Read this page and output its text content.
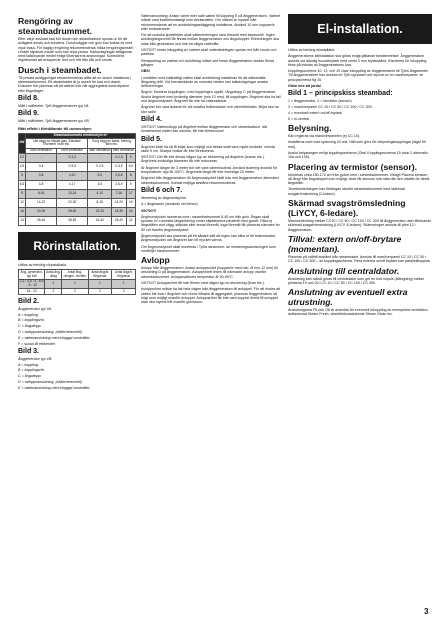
Rengöring av steambadrummet.

Efter varje avslutat bad bör dusch och steambadrum spolas ur för att avlägsna smuts och kondens. Duschväggar och golv kan torkas av med mjuk trasa. För daglig rengöring rekommenderas milda rengöringsmedel. Undvik slipande medel som kan repa ytorna. Kalkavlagringar avlägsnas med kalklösande medel enligt tillverkarens anvisningar. Kontrollera regelbundet att avloppet är rent och fritt från hår och smuts.

Dusch i steambadet.

Till privata anläggningar rekommenderas alltid att en dusch installeras i steambadrummet. Ett steambadet är ju avsett för bad och dusch. Duschen bör placeras så att vattnet inte når aggregatets kontrollpanel eller ånguttaget.

Bild 8.

Mått i millimeter, Tylö ånggeneratorer typ VA.

Bild 9.

Mått i millimeter, Tylö ånggeneratorer typ VB.

Rätt effekt i förhållande till rumsvolym:

kW	Steambadrummets minimivolym m³				
	Lätt vägg av härdat glas, Elastiskt Eventerit i rum etc.		Tung vägg av kakel, betong, sten etc.		
	utan ventilation	med ventilation	utan ventilation	med ventilation	
2,2	-	0-1,3	-	0-1,3	0
4,5	0-4	0-5,5	0-2,5	0-3,5	5,5
5	3-8	4-10	2-5	2,5-8	8
6,6	3-8	4-17	3-6	2,5-9	9
9	6-16	13-24	4-10	7-16	17
12	14-22	22-30	8-15	14-20	15
16	20-30	28-40	13-25	18-30	24
24	28-40	38-52	16-30	28-40	32
Rörinstallation.

Utförs av behörig rörinstallatör.

Ång- generator- typ kW	Antal ång- uttag	Antal ång- utlopps- ventiler	Antal ångrör förgrenat	Antal ångrör förgrenat
2,2 - 4,5 - 6 - 6,6 - 9 - 12	1	1	1	1
16 - 24	2	2	2	2
Bild 2.

Ånggenerator typ VA.

A = koppling.

B = kopplingsrör.

C = ångutlopp.

D = avloppsanslutning. (säkerhetsventil)

E = vattenanslutning med inbyggd smutsfilter.

F = sucka till elektroder.

Bild 3.

Ånggenerator typ VB.

A = koppling.

B = kopplingsrör.

C = ångutlopp.

D = avloppsanslutning. (säkerhetsventil)

E = vattenanslutning med inbyggd smutsfilter.

Vattenanslutning: Anslut varmt eller kallt vatten till koppling E på ånggeneratorn. Vattnet måste vara kvalitetsmässigt som dricksvatten. Om vattnet är mycket hårt rekommenderas att en avhärdningsanläggning installeras. Använd 10 mm kopparrör eller motsvarande.

För att undvika ljudeffekter skall vattenledningen vara försedd med backventil. Ingen avstängningsventil får finnas mellan ånggeneratorn och ångutloppet. Rörledningen ska lutas från generatorn och inte ha några vattenlås.

VIKTIGT! Innan inkoppling av vattnet skall vattenledningen spolas ren från smuts och partiklar.

Renspolning av vattnet och avluftning måste ske innan ånggeneratorn startas första gången.

OBS!

I områden med kalkhaltigt vatten skall avhärdning installeras för att säkerställa långvarig drift. Vid överskridande av normala värden kan kalkavlagringar orsaka driftstörningar.

Ångrör: Montera kopplingen, med kopplingen uppåt, i ångutlopp C på ånggeneratorn. Anslut ångröret med invändig diameter (min 12 mm), till kopplingen. Ångröret ska ha fall mot ångmunstycket. Ångröret får inte ha vattensäckar.

Ångröret bör vara isolerat för att undvika brännskador och värmeförluster. Böjar ska ha stor radie.

Bild 4.

VIKTIGT! Vattenutlopp på ångröret mellan ånggenerator och steambadrum, där kondenserat vatten kan samlas, får inte förekomma!

Bild 5.

Ångröret skall ha så få böjar som möjligt och dessa skall vara mjukt rundade, minsta radie 5 cm. Skarpa vinklar får inte förekomma.

VIKTIGT! Det får inte finnas någon typ av blockering på ångröret (kranar etc.). Ångrörets invändiga diameter får inte reduceras.

Är ångröret längre än 3 meter bör det vara värmeisolerat. Använd isolering avsedd för temperaturer upp till 100°C. Ångrörets längd får inte överstiga 15 meter.

Ångröret från ånggeneratorn till ångmunstycket skall luta mot ånggeneratorn alternativt steambadrummet. Kortast möjliga avstånd rekommenderas.

Bild 6 och 7.

Montering av ångmunstycke.

A = ångkranen (används vid behov).

VIKTIGT!

Ångmunstycket monteras inne i steambadrummet 5-40 cm från golv. Ångan skall sprutas in i rummets längdriktning under sittplatserna parallellt med golvet. Rikta ej ångstrålen mot vägg, sittplats eller annat föremål. Inga föremål får placeras närmare än 50 cm framför ångmunstycket.

Ångmunstycket ska placeras på ett sådant sätt att ingen kan råka ut för brännskador. Ångmunstycket och ångröret kan bli mycket varma.

Om ångmunstycket skall monteras i Tylös steamrum, se monteringsanvisningen som medföljer steamrummet.

Avlopp

Avlopp från ånggeneratorn: Anslut avloppsröret (kopparrör med min. Ø mm 12 mm) till anslutning D på ånggeneratorn. Avloppsröret ledes till närmaste avlopp utanför steambadrummet. Avloppsvattnets temperatur är 90-95°C.

VIKTIGT! Avloppsröret får inte förses med någon typ av blockering (kran etc.).

Avloppsröret måste ha fall hela vägen från ånggeneratorn till avloppet. För att hindra att vatten blir kvar i ångröret och rinner tillbaka till aggregatet, placeras ånggeneratorn så högt som möjligt ovanför avloppet. Avloppsröret får inte vara kopplat direkt till avloppet utan ska mynna fritt ovanför golvbrunn.

El-installation.

Utförs av behörig elinstallatör.

Ånggeneratorns elinstallation ska göras enligt gällande bestämmelser. Ånggeneratorn ansluts via allpolig huvudbrytare med minst 3 mm brytavstånd. Elschema för inkoppling finns på insidan av ånggeneratorns lock.

Kopplingsschema 10, 13, och 15 visar inkoppling av ånggeneratorn till Tylös ångpaneler. Till ånggeneratorer kan ansluta en Tylö styrpanel och styrcal av en manöverpanel, se principschema fig 16.

Glöm inte att jorda!

Bild 1 – principskiss steambad:

1 = ånggenerator. 2 = termistor (sensor).

3 = manöverpanel CC 10 / CC 50 / CC 100 / CC 300.

4 = eventuell extern on/off-brytare.

5 = el-central.

Belysning.

Kan regleras via manöverpanelen (ej CC 10).

Installeras med max spänning 24 volt. Håll som görs för belysningskopplingar (lägst 50 mm).

Anslut belysningen enligt kopplingsschema (Obs! Kopplingsschema 15 visar 2 alternativ, 10a och 10b).

Placering av termistor (sensor).

Monteras cirka 150-170 cm från golvet inne i steambadrummet. Viktigt! Placera sensorn så långt från ångutloppet som möjligt, dock får sensorn inte sitta där den utsätts för direkt ångstråle.

Termistorledningen kan förlängas utanför steambadrummet med skärmad svagströmsledning (2-ledare).

Skärmad svagströmsledning (LiYCY, 6-ledare).

Manöverledning mellan CC10 / CC 50 / CC 100 / CC 300 till ånggenerator utan tillhörande skärmad svagströmsledning (LiYCY, 6-ledare). Skärmningen ansluts till plint 12 i ånggeneratorn.

Tillval: extern on/off-brytare (momentan).

Placeras på valfritt avstånd från steambadet. Ansluts till manöverpanel CC 10 / CC 50 / CC 100 / CC 300 – se kopplingsschema. Flera externa on/off brytare kan parallellkopplas.

Anslutning till centraldator.

Anslutning kan också göras till centraldator som ger en kort impuls (stängning) mellan plintarna 19 och 20 i CC 10 / CC 50 / CC 100 / CC 300.

Anslutning av eventuell extra utrustning.

Anslutningarna P5 och O8 är avsedda för eventuell inkoppling av exempelvis ventilation, doftautomat Steam Fresh, desinfektionsautomat Steam Clean etc.

3
